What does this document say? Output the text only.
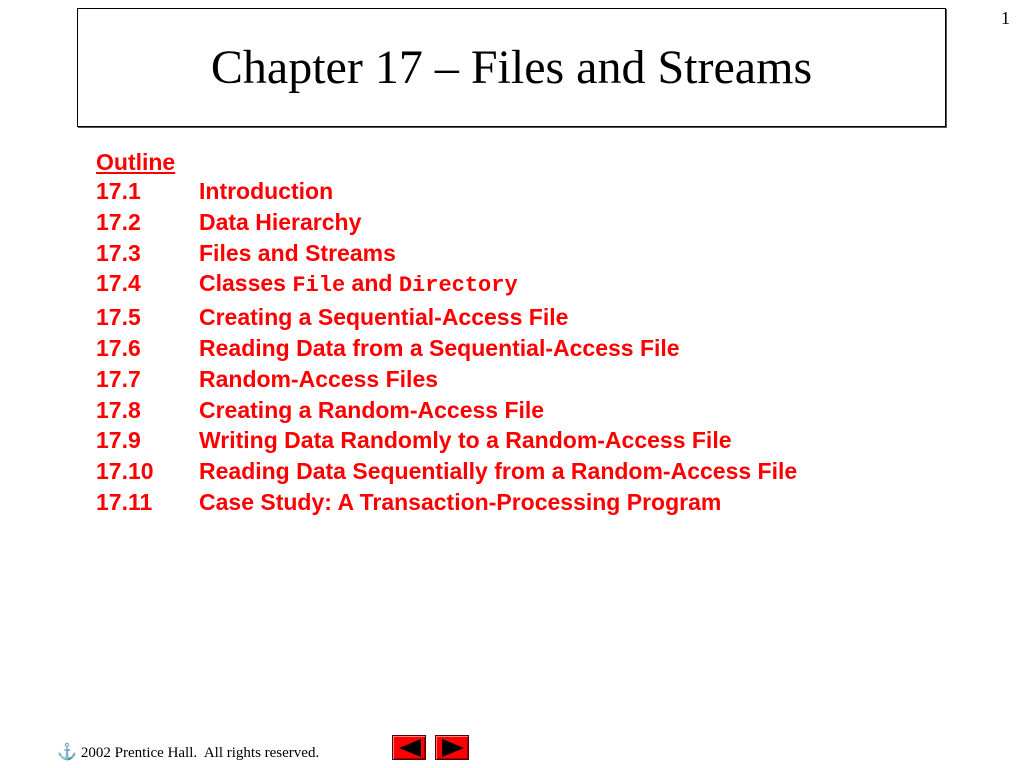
1
Chapter 17 – Files and Streams
Outline
17.1	Introduction
17.2	Data Hierarchy
17.3	Files and Streams
17.4	Classes File and Directory
17.5	Creating a Sequential-Access File
17.6	Reading Data from a Sequential-Access File
17.7	Random-Access Files
17.8	Creating a Random-Access File
17.9	Writing Data Randomly to a Random-Access File
17.10	Reading Data Sequentially from a Random-Access File
17.11	Case Study: A Transaction-Processing Program
⚓ 2002 Prentice Hall.  All rights reserved.
